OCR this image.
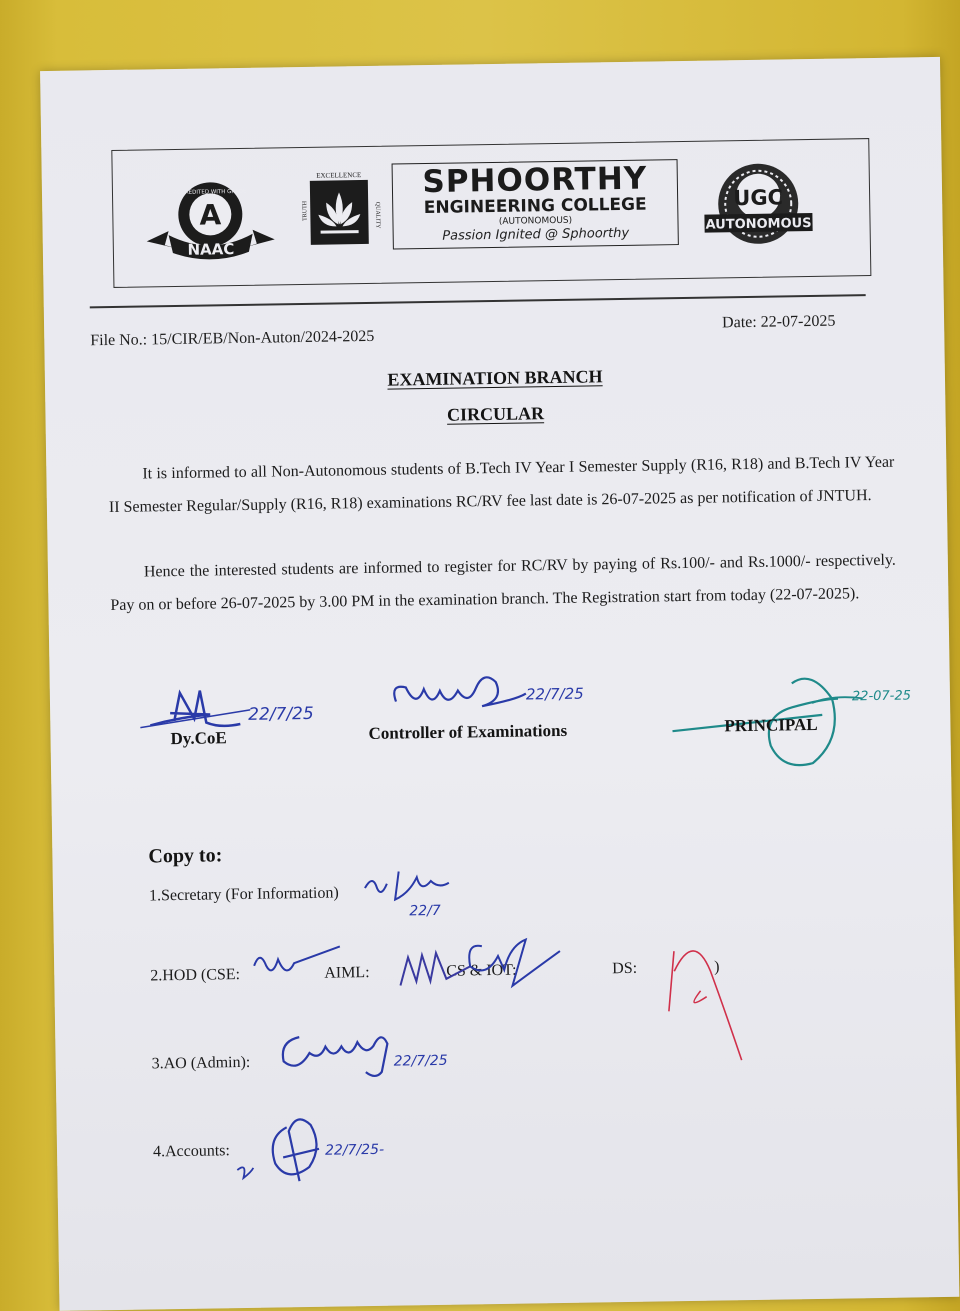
A
ACCREDITED WITH GRADE
NAAC
EXCELLENCE
TRUTH	QUALITY
SPHOORTHY
ENGINEERING COLLEGE
(AUTONOMOUS)
Passion Ignited @ Sphoorthy
UGC
AUTONOMOUS
File No.: 15/CIR/EB/Non-Auton/2024-2025
Date: 22-07-2025
EXAMINATION BRANCH
CIRCULAR
It is informed to all Non-Autonomous students of B.Tech IV Year I Semester Supply (R16, R18) and B.Tech IV Year II Semester Regular/Supply (R16, R18) examinations RC/RV fee last date is 26-07-2025 as per notification of JNTUH.
Hence the interested students are informed to register for RC/RV by paying of Rs.100/- and Rs.1000/- respectively. Pay on or before 26-07-2025 by 3.00 PM in the examination branch. The Registration start from today (22-07-2025).
22/7/25
Dy.CoE
22/7/25
Controller of Examinations
22-07-25
PRINCIPAL
Copy to:
1.Secretary (For Information)
22/7
2.HOD (CSE:	AIML:	CS & IOT:	DS:	)
3.AO (Admin):	22/7/25
4.Accounts:	22/7/25-
